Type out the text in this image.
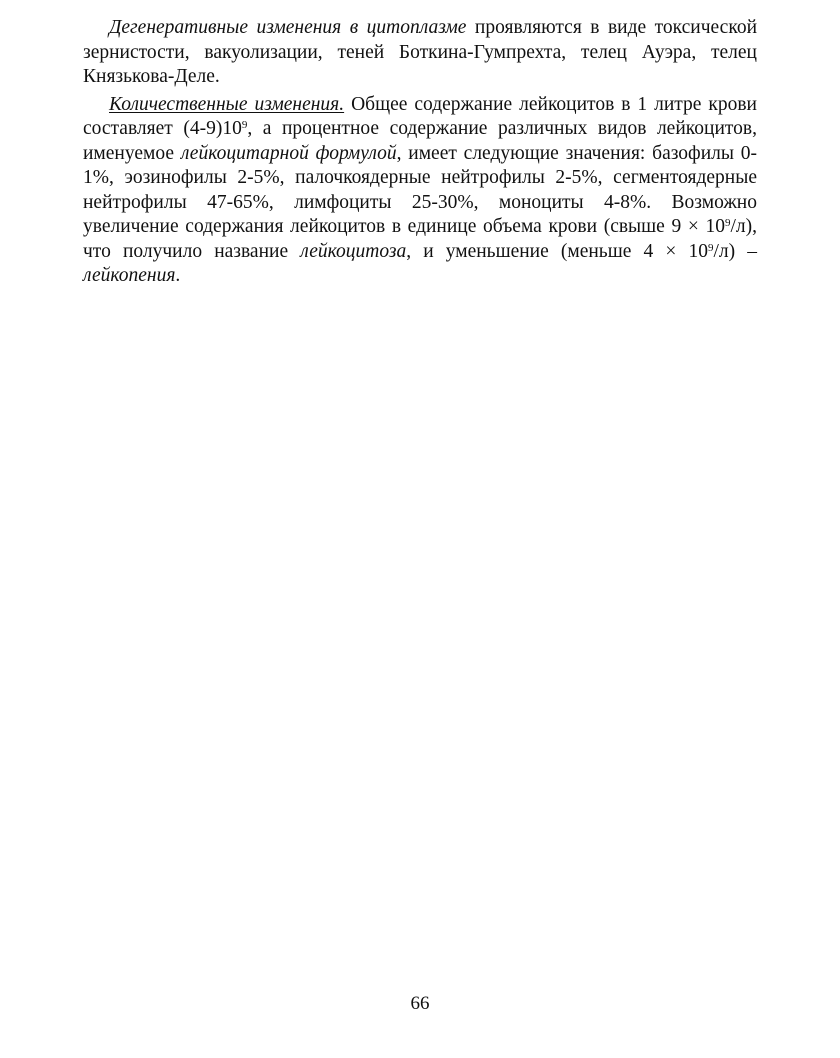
Дегенеративные изменения в цитоплазме проявляются в виде токсической зернистости, вакуолизации, теней Боткина-Гумпрехта, телец Ауэра, телец Князькова-Деле.

Количественные изменения. Общее содержание лейкоцитов в 1 литре крови составляет $(4-9)10^9$, а процентное содержание различных видов лейкоцитов, именуемое лейкоцитарной формулой, имеет следующие значения: базофилы 0-1%, эозинофилы 2-5%, палочкоядерные нейтрофилы 2-5%, сегментоядерные нейтрофилы 47-65%, лимфоциты 25-30%, моноциты 4-8%. Возможно увеличение содержания лейкоцитов в единице объема крови (свыше $9 \times 10^9/л$), что получило название лейкоцитоза, и уменьшение (меньше $4 \times 10^9/л$) – лейкопения.

66
